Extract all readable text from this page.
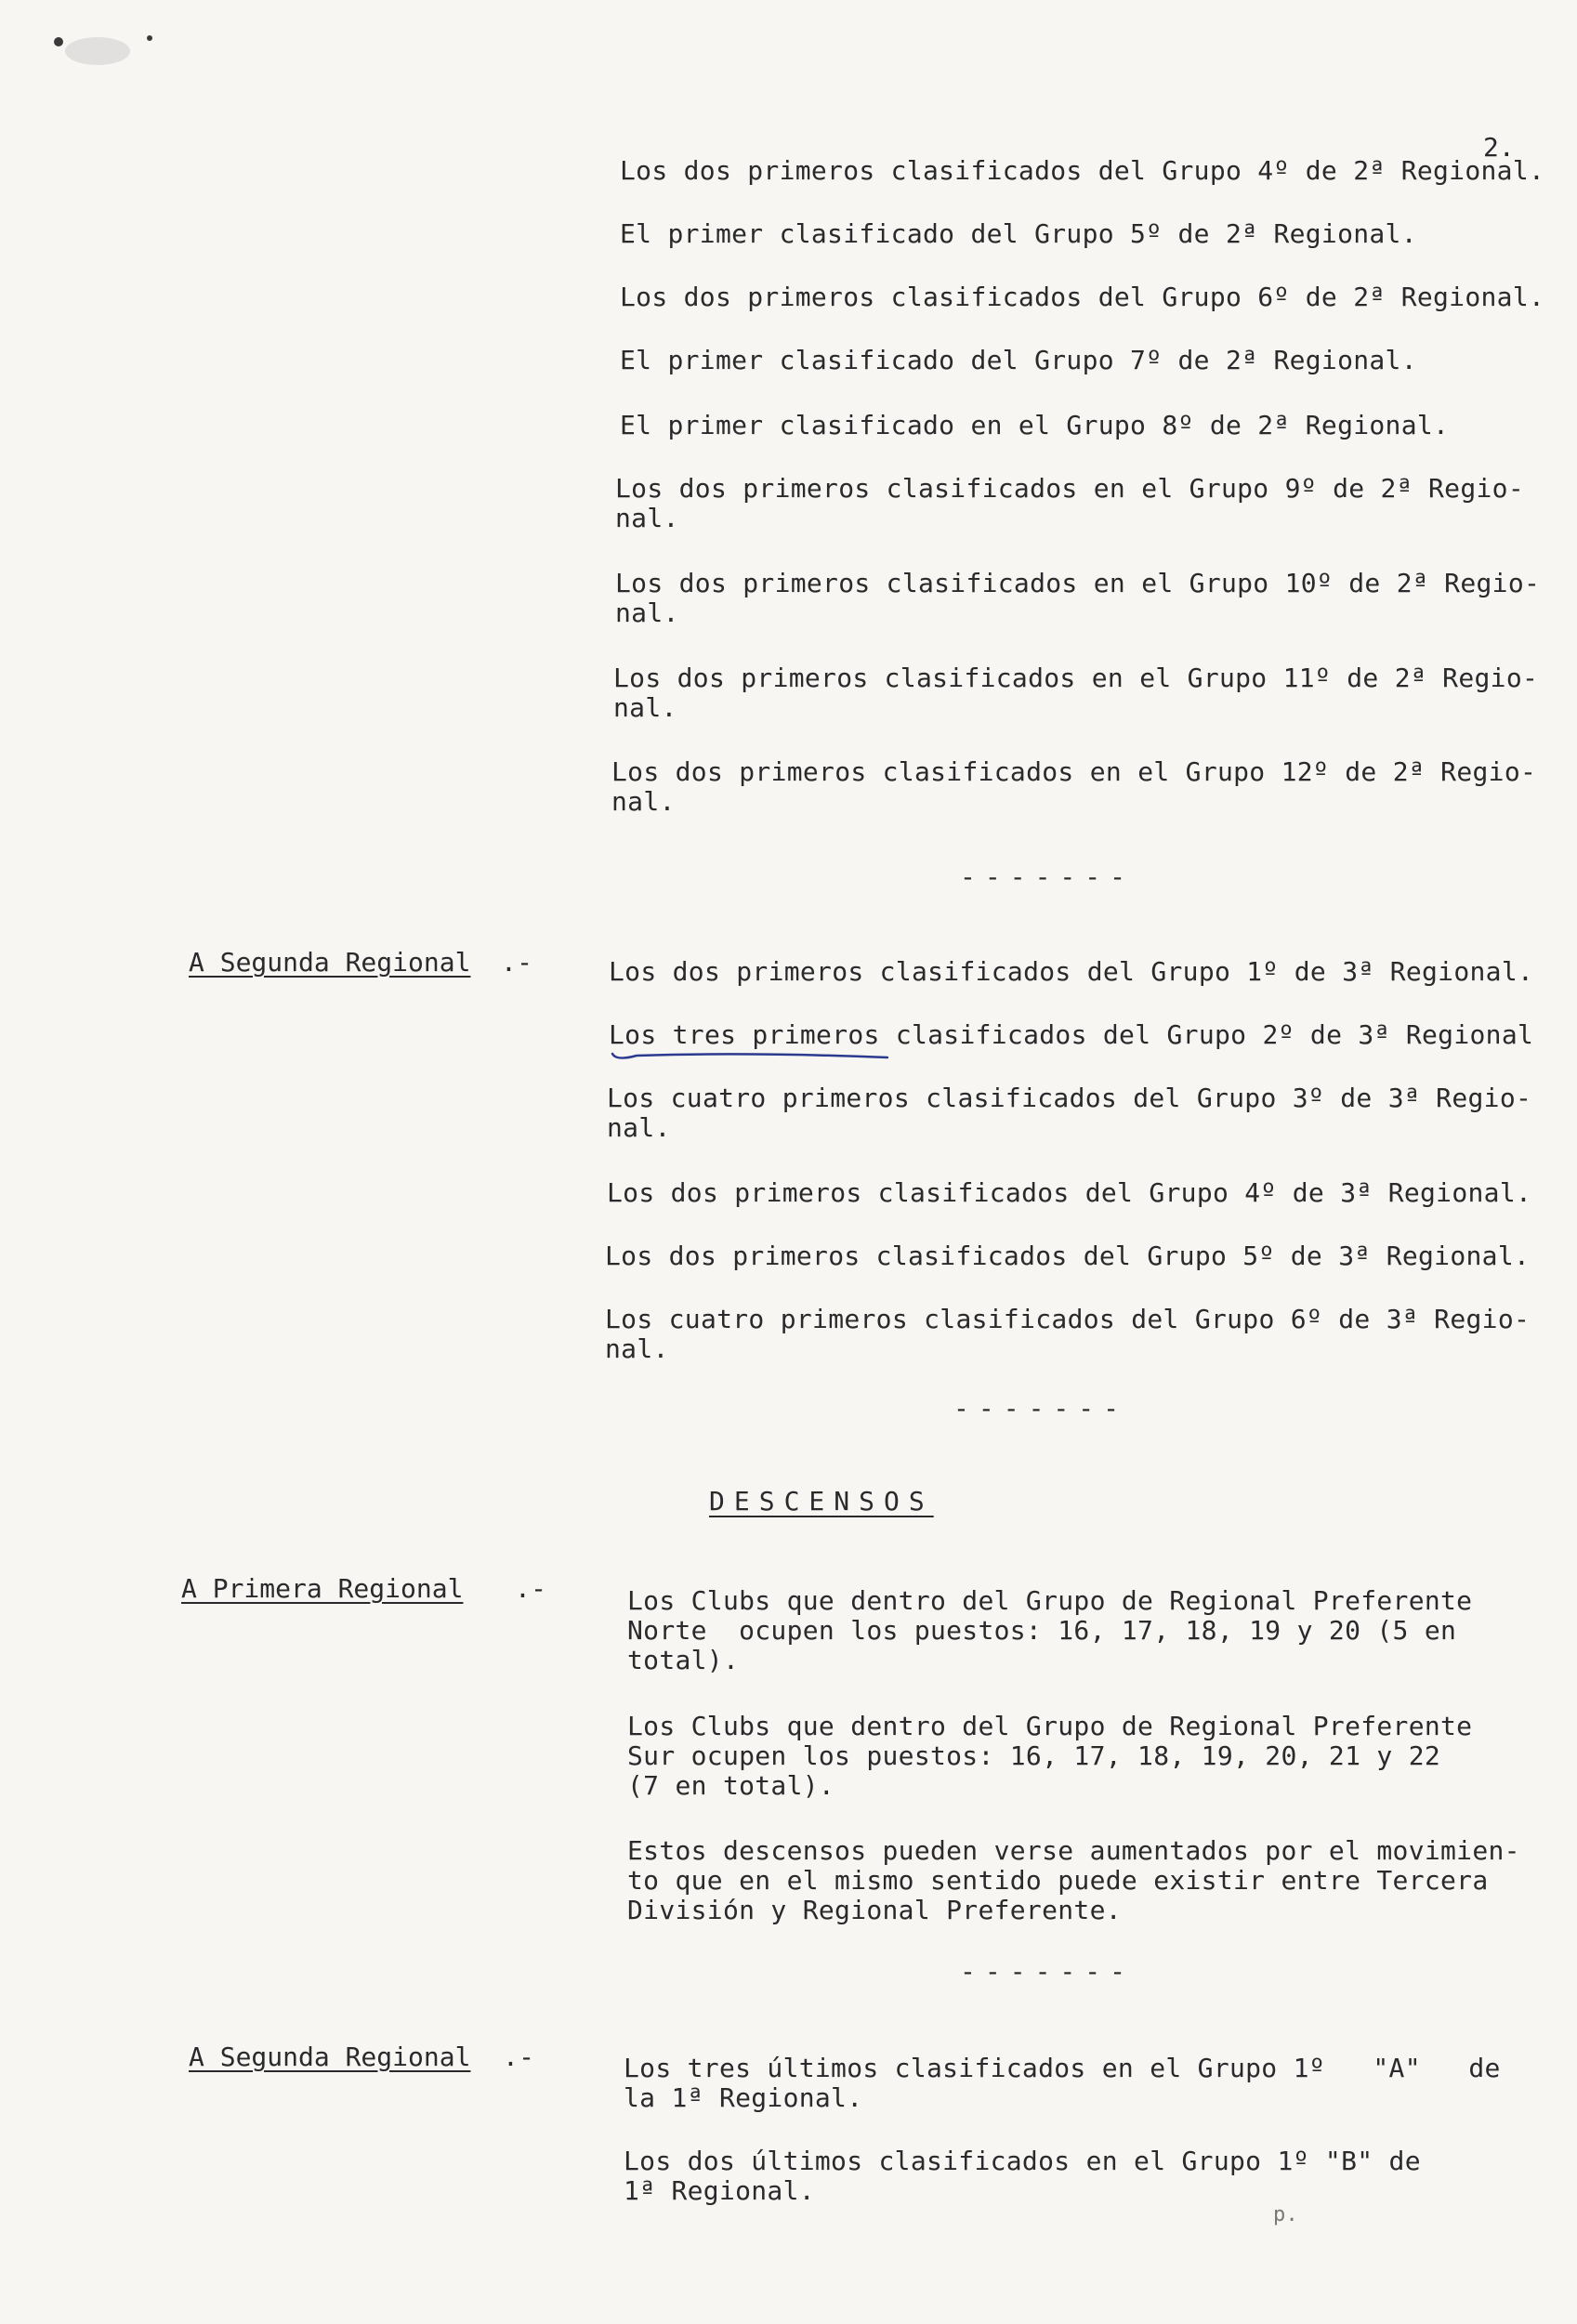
2.
Los dos primeros clasificados del Grupo 4º de 2ª Regional.
El primer clasificado del Grupo 5º de 2ª Regional.
Los dos primeros clasificados del Grupo 6º de 2ª Regional.
El primer clasificado del Grupo 7º de 2ª Regional.
El primer clasificado en el Grupo 8º de 2ª Regional.
Los dos primeros clasificados en el Grupo 9º de 2ª Regio-
nal.
Los dos primeros clasificados en el Grupo 10º de 2ª Regio-
nal.
Los dos primeros clasificados en el Grupo 11º de 2ª Regio-
nal.
Los dos primeros clasificados en el Grupo 12º de 2ª Regio-
nal.
-------
A Segunda Regional .-	Los dos primeros clasificados del Grupo 1º de 3ª Regional.
Los tres primeros clasificados del Grupo 2º de 3ª Regional
Los cuatro primeros clasificados del Grupo 3º de 3ª Regio-
nal.
Los dos primeros clasificados del Grupo 4º de 3ª Regional.
Los dos primeros clasificados del Grupo 5º de 3ª Regional.
Los cuatro primeros clasificados del Grupo 6º de 3ª Regio-
nal.
-------
DESCENSOS
A Primera Regional .-	Los Clubs que dentro del Grupo de Regional Preferente
Norte  ocupen los puestos: 16, 17, 18, 19 y 20 (5 en
total).
Los Clubs que dentro del Grupo de Regional Preferente
Sur ocupen los puestos: 16, 17, 18, 19, 20, 21 y 22
(7 en total).
Estos descensos pueden verse aumentados por el movimien-
to que en el mismo sentido puede existir entre Tercera
División y Regional Preferente.
-------
A Segunda Regional .-	Los tres últimos clasificados en el Grupo 1º   "A"   de
la 1ª Regional.
Los dos últimos clasificados en el Grupo 1º "B" de
1ª Regional.
p.
